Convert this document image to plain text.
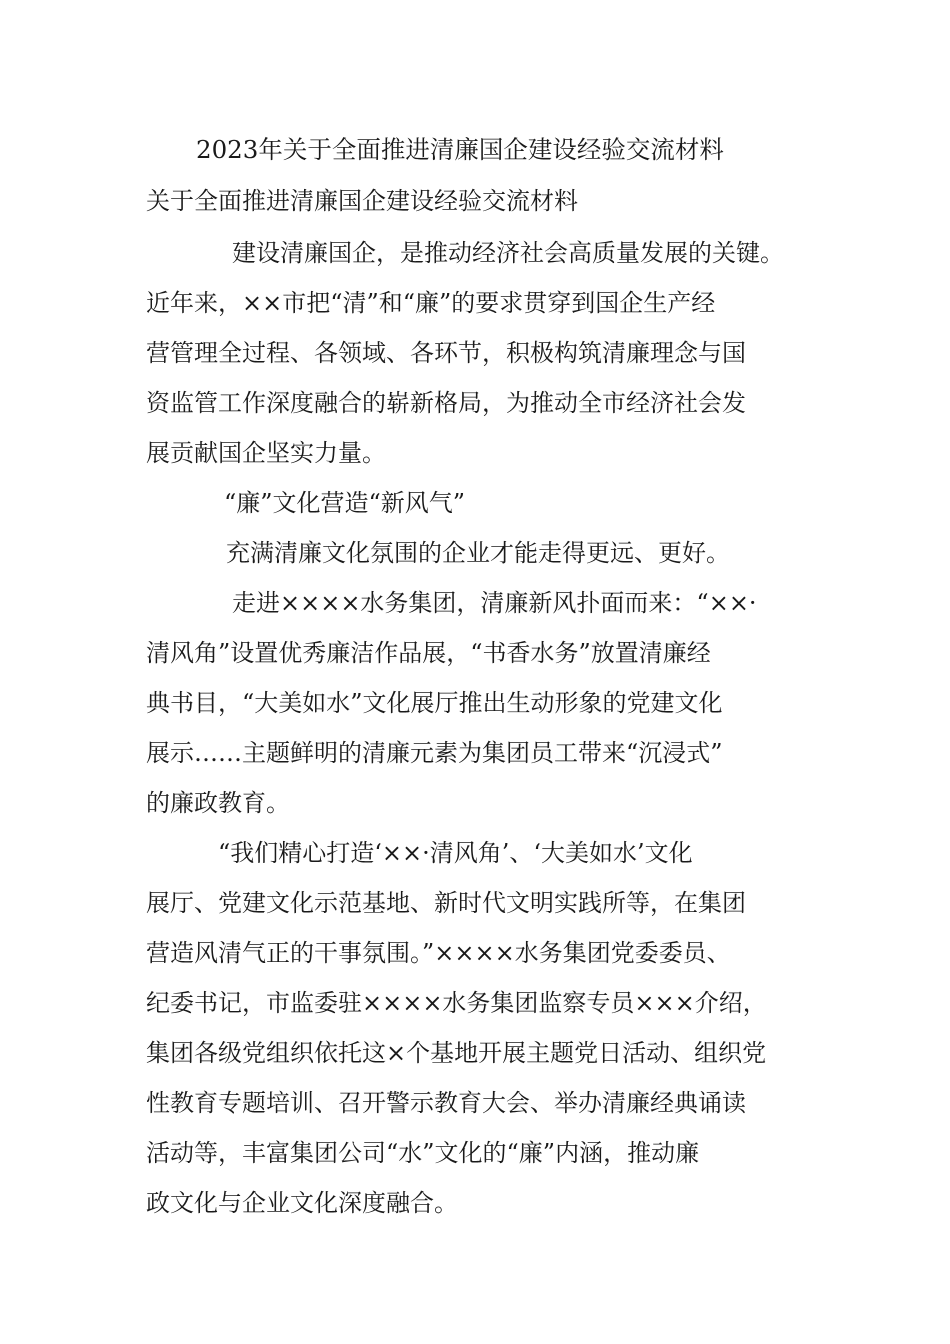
2023年关于全面推进清廉国企建设经验交流材料
关于全面推进清廉国企建设经验交流材料
　建设清廉国企，是推动经济社会高质量发展的关键。
近年来，××市把“清”和“廉”的要求贯穿到国企生产经
营管理全过程、各领域、各环节，积极构筑清廉理念与国
资监管工作深度融合的崭新格局，为推动全市经济社会发
展贡献国企坚实力量。
“廉”文化营造“新风气”
充满清廉文化氛围的企业才能走得更远、更好。
　走进××××水务集团，清廉新风扑面而来：“××·
清风角”设置优秀廉洁作品展，“书香水务”放置清廉经
典书目，“大美如水”文化展厅推出生动形象的党建文化
展示……主题鲜明的清廉元素为集团员工带来“沉浸式”
的廉政教育。
“我们精心打造‘××·清风角’、‘大美如水’文化
展厅、党建文化示范基地、新时代文明实践所等，在集团
营造风清气正的干事氛围。”××××水务集团党委委员、
纪委书记，市监委驻××××水务集团监察专员×××介绍，
集团各级党组织依托这×个基地开展主题党日活动、组织党
性教育专题培训、召开警示教育大会、举办清廉经典诵读
活动等，丰富集团公司“水”文化的“廉”内涵，推动廉
政文化与企业文化深度融合。
